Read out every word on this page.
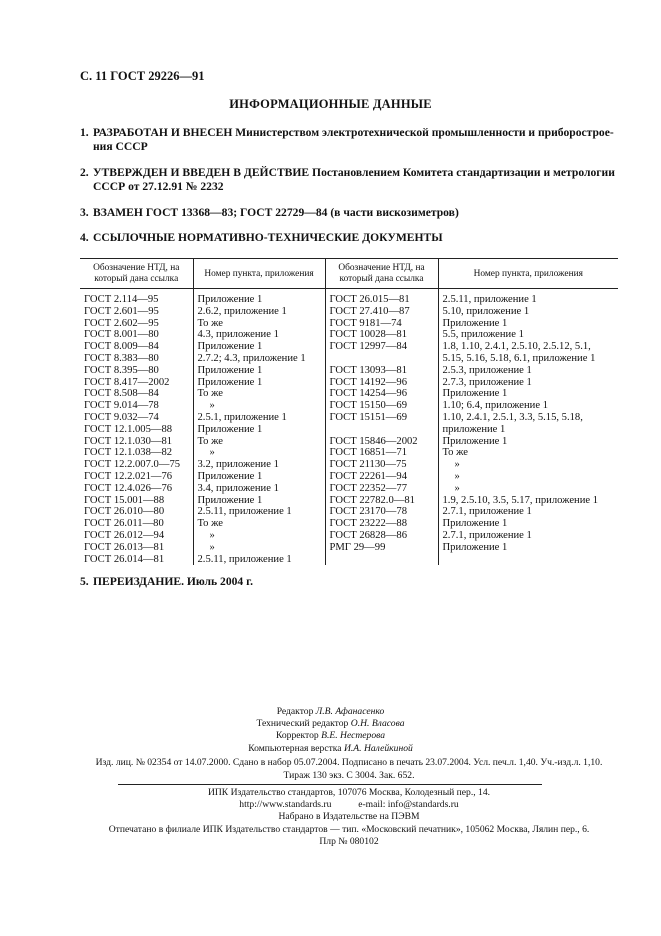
С. 11 ГОСТ 29226—91
ИНФОРМАЦИОННЫЕ ДАННЫЕ
1. РАЗРАБОТАН И ВНЕСЕН Министерством электротехнической промышленности и приборострое-
ния СССР
2. УТВЕРЖДЕН И ВВЕДЕН В ДЕЙСТВИЕ Постановлением Комитета стандартизации и метрологии
СССР от 27.12.91 № 2232
3. ВЗАМЕН ГОСТ 13368—83; ГОСТ 22729—84 (в части вискозиметров)
4. ССЫЛОЧНЫЕ НОРМАТИВНО-ТЕХНИЧЕСКИЕ ДОКУМЕНТЫ
Обозначение НТД, на который дана ссылка	Номер пункта, приложения	Обозначение НТД, на который дана ссылка	Номер пункта, приложения
ГОСТ 2.114—95	Приложение 1	ГОСТ 26.015—81	2.5.11, приложение 1
ГОСТ 2.601—95	2.6.2, приложение 1	ГОСТ 27.410—87	5.10, приложение 1
ГОСТ 2.602—95	То же	ГОСТ 9181—74	Приложение 1
ГОСТ 8.001—80	4.3, приложение 1	ГОСТ 10028—81	5.5, приложение 1
ГОСТ 8.009—84	Приложение 1	ГОСТ 12997—84	1.8, 1.10, 2.4.1, 2.5.10, 2.5.12, 5.1,
ГОСТ 8.383—80	2.7.2; 4.3, приложение 1		5.15, 5.16, 5.18, 6.1, приложение 1
ГОСТ 8.395—80	Приложение 1	ГОСТ 13093—81	2.5.3, приложение 1
ГОСТ 8.417—2002	Приложение 1	ГОСТ 14192—96	2.7.3, приложение 1
ГОСТ 8.508—84	То же	ГОСТ 14254—96	Приложение 1
ГОСТ 9.014—78	»	ГОСТ 15150—69	1.10; 6.4, приложение 1
ГОСТ 9.032—74	2.5.1, приложение 1	ГОСТ 15151—69	1.10, 2.4.1, 2.5.1, 3.3, 5.15, 5.18,
ГОСТ 12.1.005—88	Приложение 1		приложение 1
ГОСТ 12.1.030—81	То же	ГОСТ 15846—2002	Приложение 1
ГОСТ 12.1.038—82	»	ГОСТ 16851—71	То же
ГОСТ 12.2.007.0—75	3.2, приложение 1	ГОСТ 21130—75	»
ГОСТ 12.2.021—76	Приложение 1	ГОСТ 22261—94	»
ГОСТ 12.4.026—76	3.4, приложение 1	ГОСТ 22352—77	»
ГОСТ 15.001—88	Приложение 1	ГОСТ 22782.0—81	1.9, 2.5.10, 3.5, 5.17, приложение 1
ГОСТ 26.010—80	2.5.11, приложение 1	ГОСТ 23170—78	2.7.1, приложение 1
ГОСТ 26.011—80	То же	ГОСТ 23222—88	Приложение 1
ГОСТ 26.012—94	»	ГОСТ 26828—86	2.7.1, приложение 1
ГОСТ 26.013—81	»	РМГ 29—99	Приложение 1
ГОСТ 26.014—81	2.5.11, приложение 1		
5. ПЕРЕИЗДАНИЕ. Июль 2004 г.
Редактор Л.В. Афанасенко
Технический редактор О.Н. Власова
Корректор В.Е. Нестерова
Компьютерная верстка И.А. Налейкиной
Изд. лиц. № 02354 от 14.07.2000. Сдано в набор 05.07.2004. Подписано в печать 23.07.2004. Усл. печ.л. 1,40. Уч.-изд.л. 1,10.
Тираж 130 экз. С 3004. Зак. 652.
ИПК Издательство стандартов, 107076 Москва, Колодезный пер., 14.
http://www.standards.ru	e-mail: info@standards.ru
Набрано в Издательстве на ПЭВМ
Отпечатано в филиале ИПК Издательство стандартов — тип. «Московский печатник», 105062 Москва, Лялин пер., 6.
Плр № 080102
